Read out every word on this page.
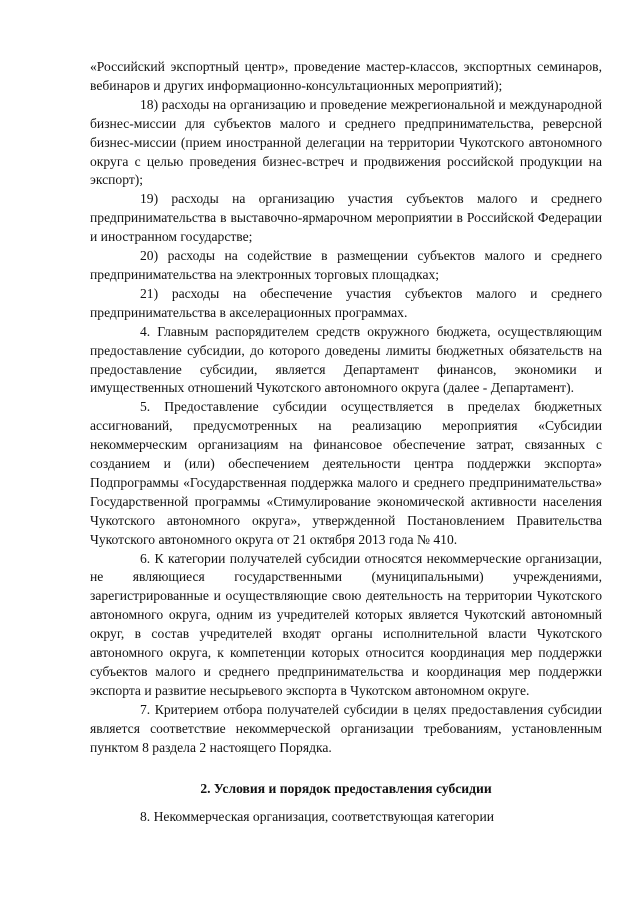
«Российский экспортный центр», проведение мастер-классов, экспортных семинаров, вебинаров и других информационно-консультационных мероприятий);

18) расходы на организацию и проведение межрегиональной и международной бизнес-миссии для субъектов малого и среднего предпринимательства, реверсной бизнес-миссии (прием иностранной делегации на территории Чукотского автономного округа с целью проведения бизнес-встреч и продвижения российской продукции на экспорт);

19) расходы на организацию участия субъектов малого и среднего предпринимательства в выставочно-ярмарочном мероприятии в Российской Федерации и иностранном государстве;

20) расходы на содействие в размещении субъектов малого и среднего предпринимательства на электронных торговых площадках;

21) расходы на обеспечение участия субъектов малого и среднего предпринимательства в акселерационных программах.

4. Главным распорядителем средств окружного бюджета, осуществляющим предоставление субсидии, до которого доведены лимиты бюджетных обязательств на предоставление субсидии, является Департамент финансов, экономики и имущественных отношений Чукотского автономного округа (далее - Департамент).

5. Предоставление субсидии осуществляется в пределах бюджетных ассигнований, предусмотренных на реализацию мероприятия «Субсидии некоммерческим организациям на финансовое обеспечение затрат, связанных с созданием и (или) обеспечением деятельности центра поддержки экспорта» Подпрограммы «Государственная поддержка малого и среднего предпринимательства» Государственной программы «Стимулирование экономической активности населения Чукотского автономного округа», утвержденной Постановлением Правительства Чукотского автономного округа от 21 октября 2013 года № 410.

6. К категории получателей субсидии относятся некоммерческие организации, не являющиеся государственными (муниципальными) учреждениями, зарегистрированные и осуществляющие свою деятельность на территории Чукотского автономного округа, одним из учредителей которых является Чукотский автономный округ, в состав учредителей входят органы исполнительной власти Чукотского автономного округа, к компетенции которых относится координация мер поддержки субъектов малого и среднего предпринимательства и координация мер поддержки экспорта и развитие несырьевого экспорта в Чукотском автономном округе.

7. Критерием отбора получателей субсидии в целях предоставления субсидии является соответствие некоммерческой организации требованиям, установленным пунктом 8 раздела 2 настоящего Порядка.

2. Условия и порядок предоставления субсидии

8. Некоммерческая организация, соответствующая категории
